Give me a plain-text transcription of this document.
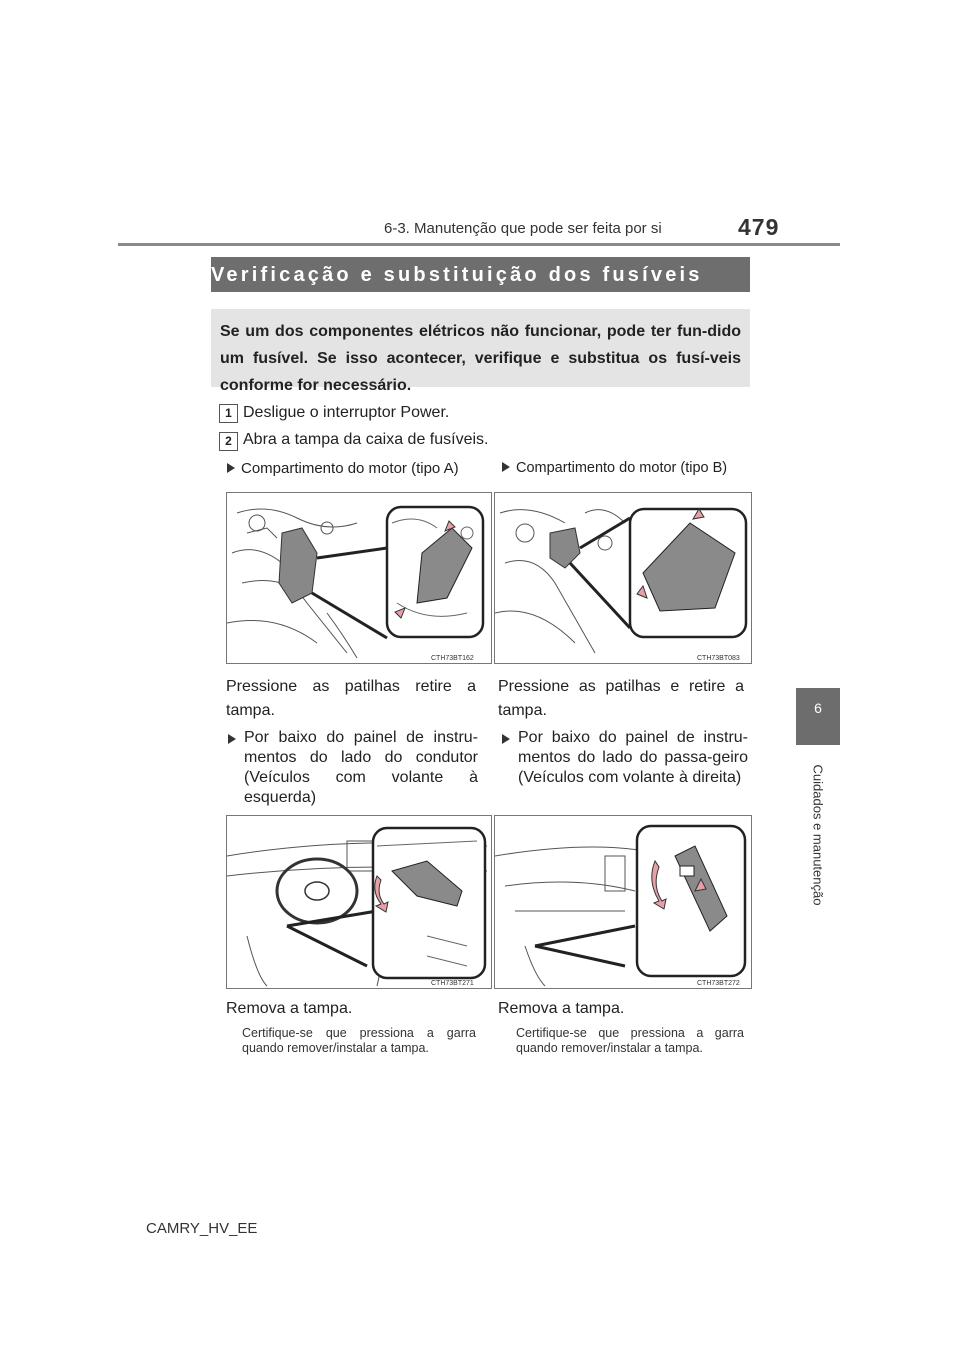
6-3. Manutenção que pode ser feita por si	479
6
Cuidados e manutenção
Verificação e substituição dos fusíveis

Se um dos componentes elétricos não funcionar, pode ter fun-dido um fusível. Se isso acontecer, verifique e substitua os fusí-veis conforme for necessário.

1 Desligue o interruptor Power.
2 Abra a tampa da caixa de fusíveis.
Compartimento do motor (tipo A)	Compartimento do motor (tipo B)
CTH73BT162	CTH73BT083
Pressione as patilhas retire a tampa.
Pressione as patilhas e retire a tampa.
Por baixo do painel de instru-mentos do lado do condutor (Veículos com volante à esquerda)
Por baixo do painel de instru-mentos do lado do passa-geiro (Veículos com volante à direita)
CTH73BT271	CTH73BT272
Remova a tampa.
Certifique-se que pressiona a garra quando remover/instalar a tampa.
Remova a tampa.
Certifique-se que pressiona a garra quando remover/instalar a tampa.
CAMRY_HV_EE
